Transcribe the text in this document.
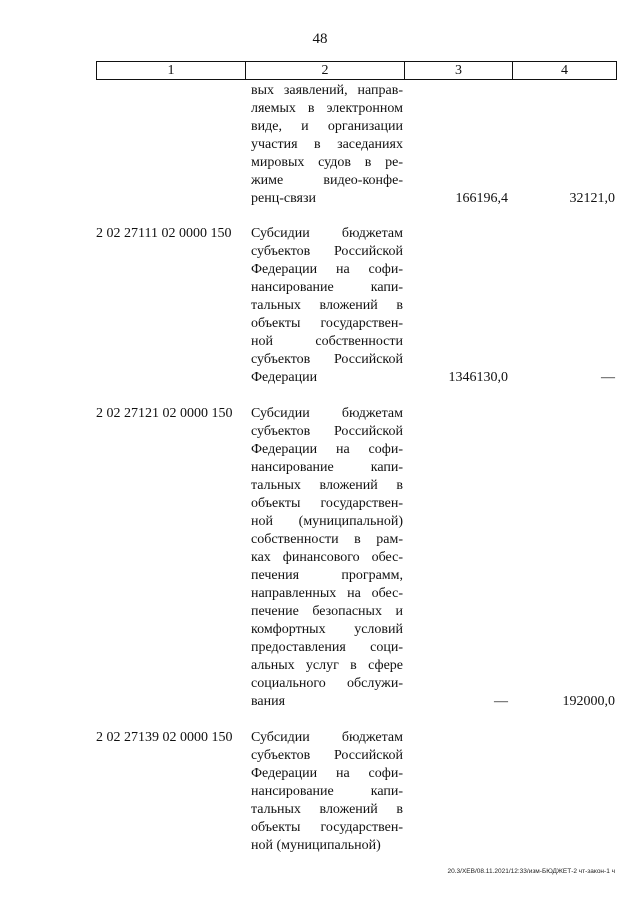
48
1	2	3	4
вых заявлений, направ-
ляемых в электронном
виде, и организации
участия в заседаниях
мировых судов в ре-
жиме видео-конфе-
ренц-связи	166196,4	32121,0
2 02 27111 02 0000 150	Субсидии бюджетам
субъектов Российской
Федерации на софи-
нансирование капи-
тальных вложений в
объекты государствен-
ной собственности
субъектов Российской
Федерации	1346130,0	—
2 02 27121 02 0000 150	Субсидии бюджетам
субъектов Российской
Федерации на софи-
нансирование капи-
тальных вложений в
объекты государствен-
ной (муниципальной)
собственности в рам-
ках финансового обес-
печения программ,
направленных на обес-
печение безопасных и
комфортных условий
предоставления соци-
альных услуг в сфере
социального обслужи-
вания	—	192000,0
2 02 27139 02 0000 150	Субсидии бюджетам
субъектов Российской
Федерации на софи-
нансирование капи-
тальных вложений в
объекты государствен-
ной (муниципальной)
20.3/ХЕВ/08.11.2021/12:33/изм-БЮДЖЕТ-2 чт-закон-1 ч
